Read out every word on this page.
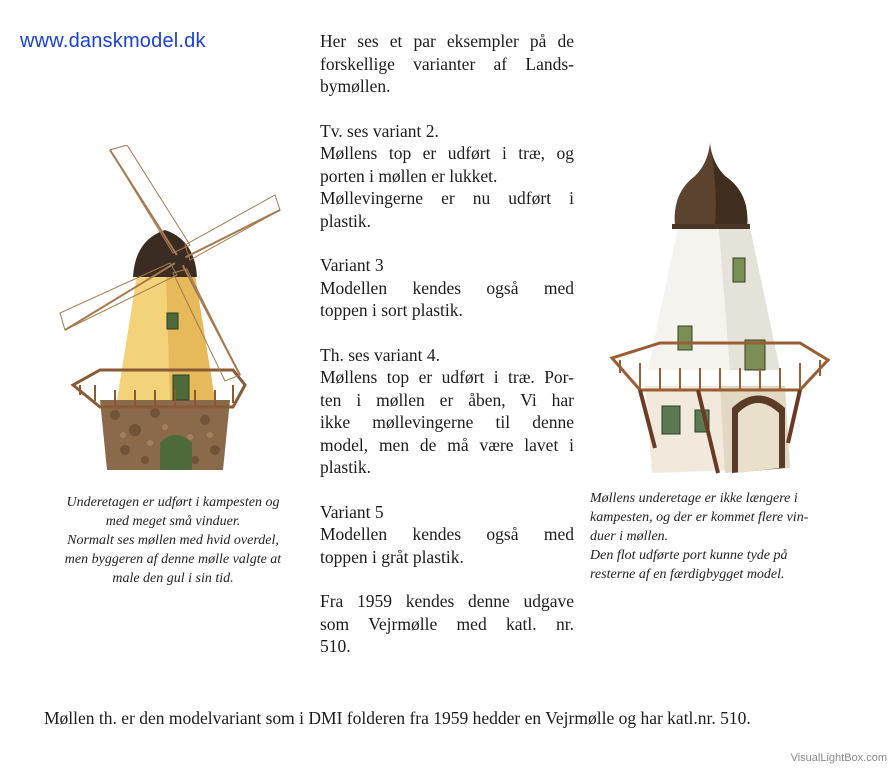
www.danskmodel.dk	Her ses et par eksempler på de
forskellige varianter af Lands-
bymøllen.

Tv. ses variant 2.
Møllens top er udført i træ, og
porten i møllen er lukket.
Møllevingerne er nu udført i
plastik.

Variant 3
Modellen kendes også med
toppen i sort plastik.

Th. ses variant 4.
Møllens top er udført i træ. Por-
ten i møllen er åben, Vi har
ikke møllevingerne til denne
model, men de må være lavet i
plastik.

Variant 5
Modellen kendes også med
toppen i gråt plastik.

Fra 1959 kendes denne udgave
som Vejrmølle med katl. nr.
510.

Underetagen er udført i kampesten og
med meget små vinduer.
Normalt ses møllen med hvid overdel,
men byggeren af denne mølle valgte at
male den gul i sin tid.
Møllens underetage er ikke længere i
kampesten, og der er kommet flere vin-
duer i møllen.
Den flot udførte port kunne tyde på
resterne af en færdigbygget model.
Møllen th. er den modelvariant som i DMI folderen fra 1959 hedder en Vejrmølle og har katl.nr. 510.
VisualLightBox.com
